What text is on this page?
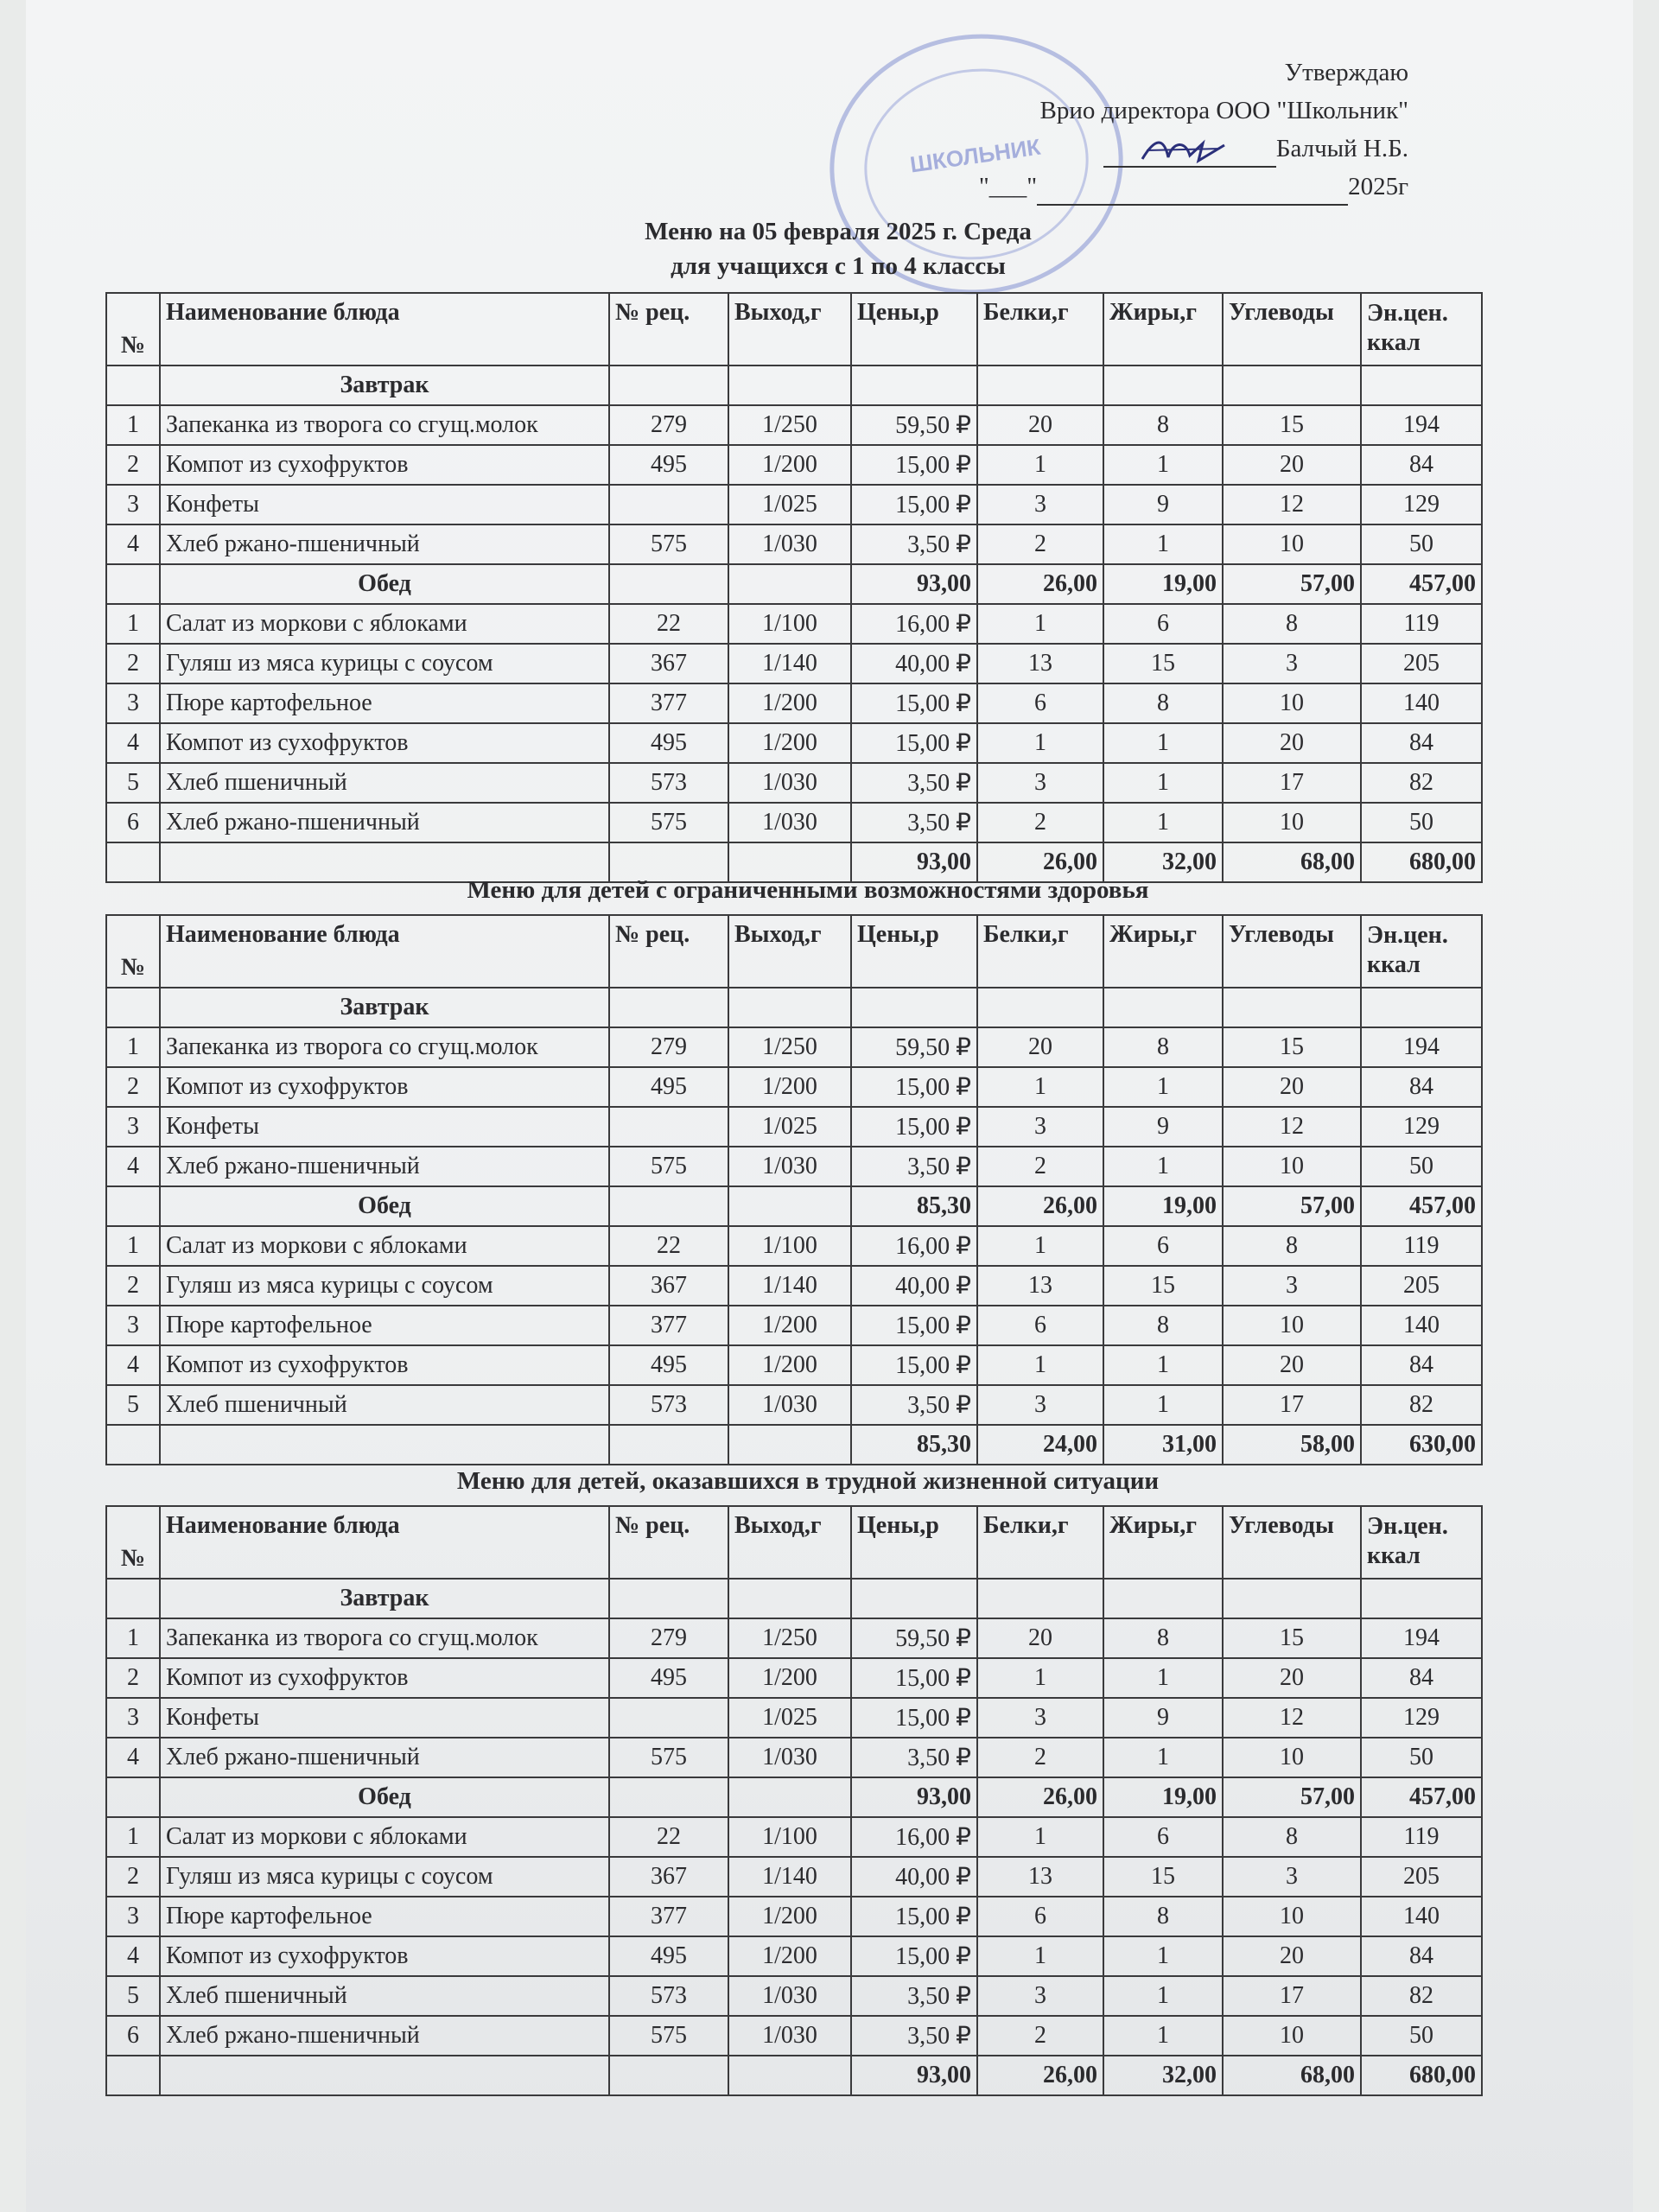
ШКОЛЬНИК
Утверждаю
Врио директора ООО "Школьник"
Балчый Н.Б.
"___"	2025г
Меню на 05 февраля 2025 г. Среда
для учащихся с 1 по 4 классы
№	Наименование блюда	№ рец.	Выход,г	Цены,р	Белки,г	Жиры,г	Углеводы	Эн.цен.
ккал

	Завтрак							
1	Запеканка из творога со сгущ.молок	279	1/250	59,50 ₽	20	8	15	194
2	Компот из сухофруктов	495	1/200	15,00 ₽	1	1	20	84
3	Конфеты		1/025	15,00 ₽	3	9	12	129
4	Хлеб ржано-пшеничный	575	1/030	3,50 ₽	2	1	10	50
	Обед			93,00	26,00	19,00	57,00	457,00
1	Салат из моркови с яблоками	22	1/100	16,00 ₽	1	6	8	119
2	Гуляш из мяса курицы с соусом	367	1/140	40,00 ₽	13	15	3	205
3	Пюре картофельное	377	1/200	15,00 ₽	6	8	10	140
4	Компот из сухофруктов	495	1/200	15,00 ₽	1	1	20	84
5	Хлеб пшеничный	573	1/030	3,50 ₽	3	1	17	82
6	Хлеб ржано-пшеничный	575	1/030	3,50 ₽	2	1	10	50
				93,00	26,00	32,00	68,00	680,00
Меню для детей с ограниченными возможностями здоровья
№	Наименование блюда	№ рец.	Выход,г	Цены,р	Белки,г	Жиры,г	Углеводы	Эн.цен.
ккал

	Завтрак							
1	Запеканка из творога со сгущ.молок	279	1/250	59,50 ₽	20	8	15	194
2	Компот из сухофруктов	495	1/200	15,00 ₽	1	1	20	84
3	Конфеты		1/025	15,00 ₽	3	9	12	129
4	Хлеб ржано-пшеничный	575	1/030	3,50 ₽	2	1	10	50
	Обед			85,30	26,00	19,00	57,00	457,00
1	Салат из моркови с яблоками	22	1/100	16,00 ₽	1	6	8	119
2	Гуляш из мяса курицы с соусом	367	1/140	40,00 ₽	13	15	3	205
3	Пюре картофельное	377	1/200	15,00 ₽	6	8	10	140
4	Компот из сухофруктов	495	1/200	15,00 ₽	1	1	20	84
5	Хлеб пшеничный	573	1/030	3,50 ₽	3	1	17	82
				85,30	24,00	31,00	58,00	630,00
Меню для детей, оказавшихся в трудной жизненной ситуации
№	Наименование блюда	№ рец.	Выход,г	Цены,р	Белки,г	Жиры,г	Углеводы	Эн.цен.
ккал

	Завтрак							
1	Запеканка из творога со сгущ.молок	279	1/250	59,50 ₽	20	8	15	194
2	Компот из сухофруктов	495	1/200	15,00 ₽	1	1	20	84
3	Конфеты		1/025	15,00 ₽	3	9	12	129
4	Хлеб ржано-пшеничный	575	1/030	3,50 ₽	2	1	10	50
	Обед			93,00	26,00	19,00	57,00	457,00
1	Салат из моркови с яблоками	22	1/100	16,00 ₽	1	6	8	119
2	Гуляш из мяса курицы с соусом	367	1/140	40,00 ₽	13	15	3	205
3	Пюре картофельное	377	1/200	15,00 ₽	6	8	10	140
4	Компот из сухофруктов	495	1/200	15,00 ₽	1	1	20	84
5	Хлеб пшеничный	573	1/030	3,50 ₽	3	1	17	82
6	Хлеб ржано-пшеничный	575	1/030	3,50 ₽	2	1	10	50
				93,00	26,00	32,00	68,00	680,00
